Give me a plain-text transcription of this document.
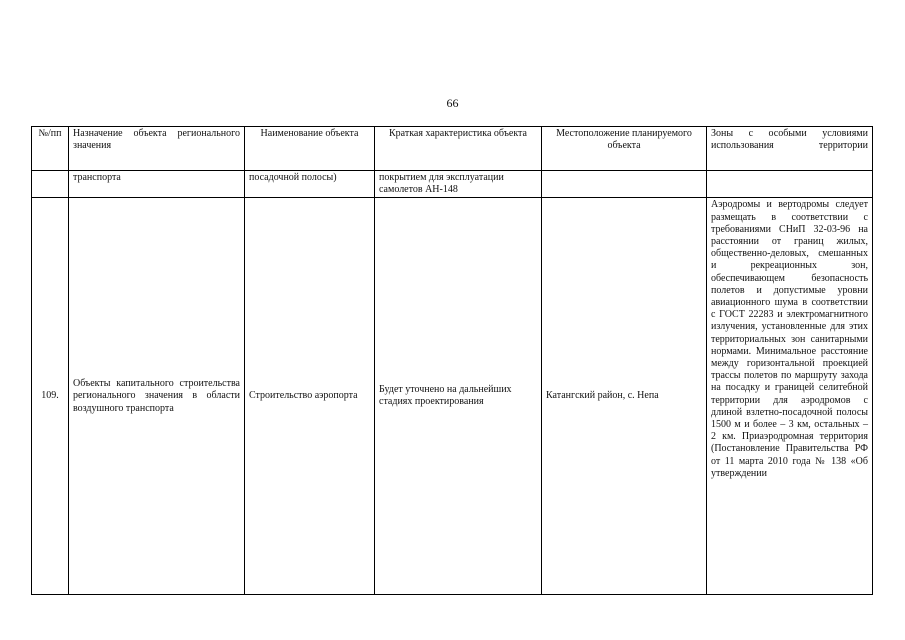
66
№/пп	Назначение объекта регионального значения	Наименование объекта	Краткая характеристика объекта	Местоположение планируемого объекта	Зоны с особыми условиями использования территории
	транспорта	посадочной полосы)	покрытием для эксплуатации самолетов АН-148		
109.	Объекты капитального строительства регионального значения в области воздушного транспорта	Строительство аэропорта	Будет уточнено на дальнейших стадиях проектирования	Катангский район, с. Непа	Аэродромы и вертодромы следует размещать в соответствии с требованиями СНиП 32-03-96 на расстоянии от границ жилых, общественно-деловых, смешанных и рекреационных зон, обеспечивающем безопасность полетов и допустимые уровни авиационного шума в соответствии с ГОСТ 22283 и электромагнитного излучения, установленные для этих территориальных зон санитарными нормами. Минимальное расстояние между горизонтальной проекцией трассы полетов по маршруту захода на посадку и границей селитебной территории для аэродромов с длиной взлетно-посадочной полосы 1500 м и более – 3 км, остальных – 2 км. Приаэродромная территория (Постановление Правительства РФ от 11 марта 2010 года № 138 «Об утверждении
